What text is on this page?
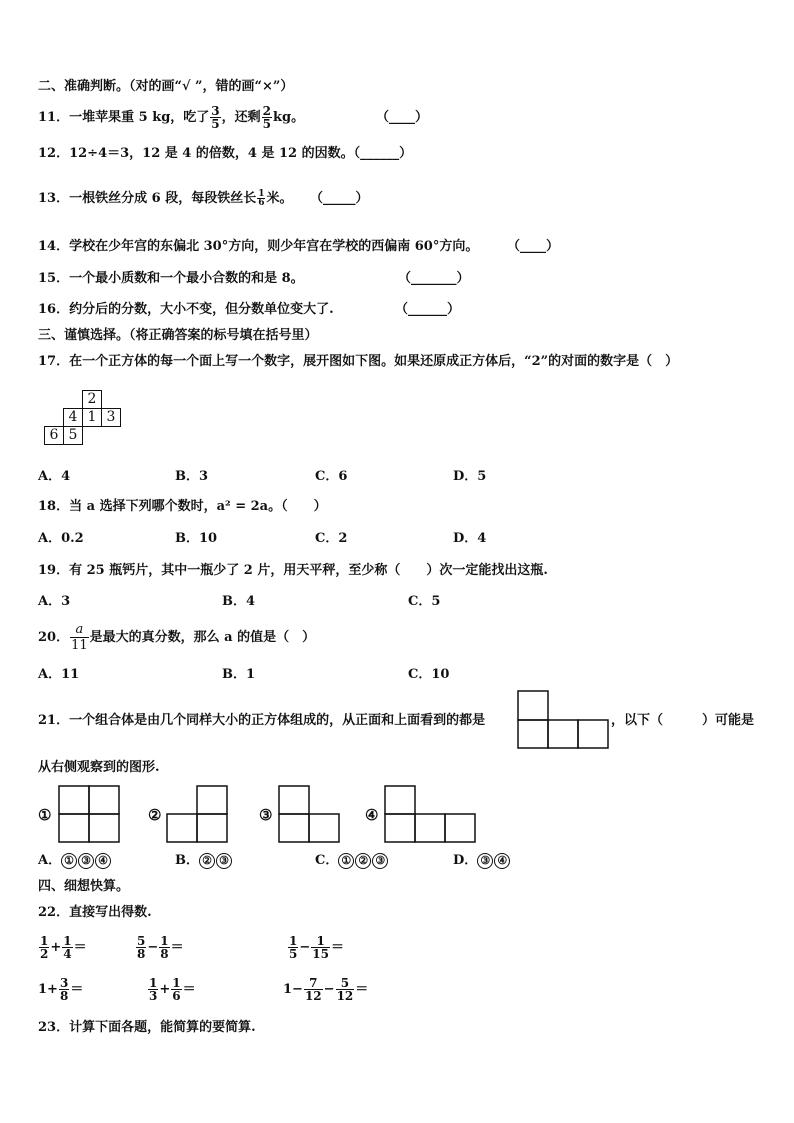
二、准确判断。（对的画“√ ”，错的画“×”）
11．一堆苹果重 5 kg，吃了 $\frac{3}{5}$ ，还剩 $\frac{2}{5}$ kg。	（____）
12．12÷4＝3，12 是 4 的倍数，4 是 12 的因数。（______）
13．一根铁丝分成 6 段，每段铁丝长 $\frac{1}{6}$ 米。 （_____）
14．学校在少年宫的东偏北 30°方向，则少年宫在学校的西偏南 60°方向。 （____）
15．一个最小质数和一个最小合数的和是 8。	（_______）
16．约分后的分数，大小不变，但分数单位变大了.	（______）
三、谨慎选择。（将正确答案的标号填在括号里）
17．在一个正方体的每一个面上写一个数字，展开图如下图。如果还原成正方体后，“2”的对面的数字是（　）
2
4 1 3
6 5
A．4	B．3	C．6	D．5
18．当 a 选择下列哪个数时，a² = 2a。（　　）
A．0.2	B．10	C．2	D．4
19．有 25 瓶钙片，其中一瓶少了 2 片，用天平秤，至少称（　　）次一定能找出这瓶.
A．3	B．4	C．5
20． $\frac{a}{11}$ 是最大的真分数，那么 a 的值是（　）
A．11	B．1	C．10
21．一个组合体是由几个同样大小的正方体组成的，从正面和上面看到的都是	，以下（　　　）可能是
从右侧观察到的图形.
①	②	③	④
A． ① ③ ④	B． ② ③	C． ① ② ③	D． ③ ④
四、细想快算。
22．直接写出得数.
$\frac{1}{2} + \frac{1}{4}$ ＝	$\frac{5}{8} - \frac{1}{8}$ ＝	$\frac{1}{5} - \frac{1}{15}$ ＝
$1+ \frac{3}{8}$ ＝	$\frac{1}{3} + \frac{1}{6}$ ＝	$1- \frac{7}{12} - \frac{5}{12}$ ＝
23．计算下面各题，能简算的要简算.
